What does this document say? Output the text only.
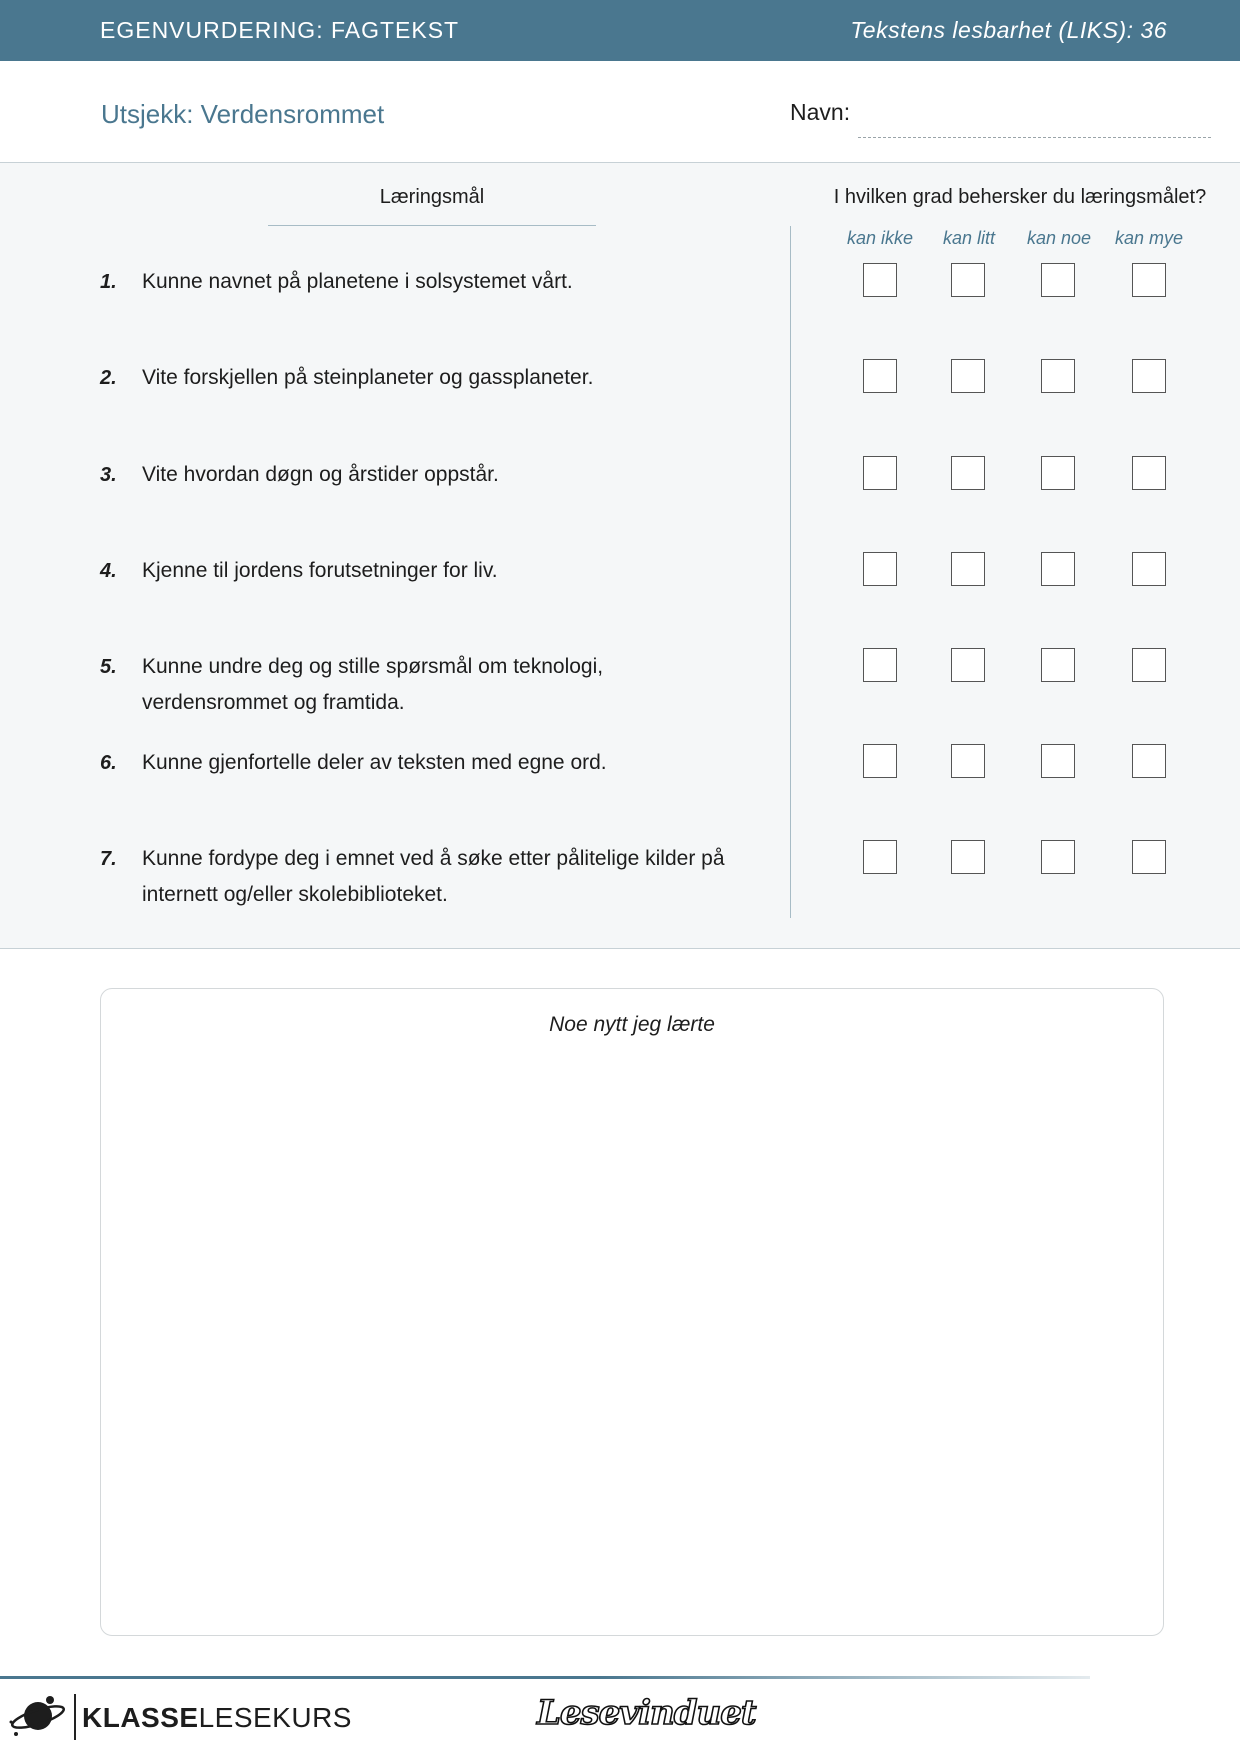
EGENVURDERING: FAGTEKST	Tekstens lesbarhet (LIKS): 36
Utsjekk: Verdensrommet	Navn:
Læringsmål	I hvilken grad behersker du læringsmålet?
kan ikke	kan litt	kan noe	kan mye
1. Kunne navnet på planetene i solsystemet vårt.
2. Vite forskjellen på steinplaneter og gassplaneter.
3. Vite hvordan døgn og årstider oppstår.
4. Kjenne til jordens forutsetninger for liv.
5. Kunne undre deg og stille spørsmål om teknologi, verdensrommet og framtida.
6. Kunne gjenfortelle deler av teksten med egne ord.
7. Kunne fordype deg i emnet ved å søke etter pålitelige kilder på internett og/eller skolebiblioteket.
Noe nytt jeg lærte
KLASSELESEKURS	Lesevinduet
